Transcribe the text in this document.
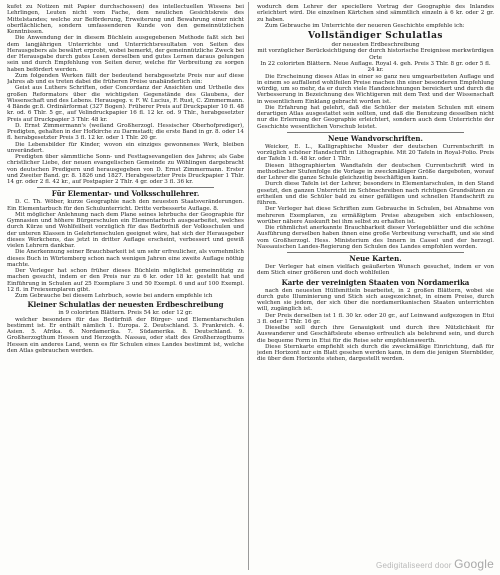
kufet zu Notizen mit Papier durchschossen) des intellectuellen Wissens bei Lehrlingen, Leuten nicht vom Fache, dem neulichen Gesichtskreis des Mittelstandes; welche zur Beförderung, Erweiterung und Bewahrung einer nicht oberflächlichen, sondern umfassenderen Kunde von den gemeinnützlichen Kenntnissen.

Die Anwendung der in diesem Büchlein ausgegebenen Methode faßt sich bei dem langjährigen Unterrichte und Unterrichtsresultaten von Seiten des Herausgebers als bewährt erprobt, wobei bemerkt, der gemeinnützliche Zweck bei der Herausgabe durch gutes Lesen derselben und gutes Lernen daraus gelungen sein und durch Empfehlung von Seiten derer, welche für Verbreitung zu sorgen haben befördert werden.

Zum folgenden Werken fällt der bedeutend herabgesetzte Preis nur auf diese Jahres ab und es treten dabei die früheren Preise unabänderlich ein:

Geist aus Luthers Schriften, oder Concordanz der Ansichten und Urtheile des großen Reformators über die wichtigsten Gegenstände des Glaubens, der Wissenschaft und des Lebens. Herausgeg. v. F. W. Lucius, F. Rust, C. Zimmermann. 4 Bände gr.8. Ordinärformat (327 Bogen). Früherer Preis auf Druckpapier 10 fl. 48 kr. od. 6 Thlr. 5 gr., auf Velindruckpapier 16 fl. 12 kr. od. 9 Thlr., herabgesetzter Preis auf Druckpapier 3 Thlr. 48 kr.

D. Ernst Zimmermann's (weiland Großherzogl. Hessischer Oberhofprediger), Predigten, gehalten in der Hofkirche zu Darmstadt; die erste Band in gr. 8. oder 14 fl. herabgesetzter Preis 3 fl. 12 kr. oder 1 Thlr. 20 gr.

Die Lebensbilder für Kinder, wovon ein einziges gewonnenes Werk, bleiben unverändert.

Predigten über sämmtliche Sonn- und Festtagsevangelien des Jahres; als Gabe christlicher Liebe, der neuen evangelischen Gemeinde zu Wöhlingen dargebracht von deutschen Predigern und herausgegeben von D. Ernst Zimmermann. Erster und Zweiter Band. gr. 8. 1826 und 1827. Herabgesetzter Preis Druckpapier 1 Thlr. 14 gr. oder 2 fl. 42 kr., auf Postpapier 2 Thlr. 4 gr. oder 3 fl. 36 kr.

Für Elementar- und Volksschullehrer.

D. C. Th. Wöber, kurze Geographie nach den neuesten Staatsveränderungen. Ein Elementarbuch für den Schulunterricht. Dritte verbesserte Auflage. 8.

Mit möglicher Anlehnung nach dem Plane seines lehrbuchs der Geographie für Gymnasien und höhere Bürgerschulen ein Elementarbuch ausgearbeitet, welches durch Kürze und Wohlfeilheit vorzüglich für das Bedürfniß der Volksschulen und der unteren Klassen in Gelehrtenschulen geeignet wäre, hat sich der Herausgeber dieses Werkchens, das jetzt in dritter Auflage erscheint, verbessert und gewiß vielen Lehrern dankbar.

Die Anerkennung seiner Brauchbarkeit ist um sehr erfreulicher, als vornehmlich dieses Buch in Würtemberg schon nach wenigen Jahren eine zweite Auflage nöthig machte.

Der Verleger hat schon früher dieses Büchlein möglichst gemeinnützig zu machen gesucht, indem er den Preis nur zu 6 kr. oder 18 kr. gestellt hat und Einführung in Schulen auf 25 Exemplare 3 und 50 Exempl. 6 und auf 100 Exempl. 12 fl. in Freiexemplaren gibt.

Zum Gebrauche bei diesem Lehrbuch, sowie bei andern empfehle ich

Kleiner Schulatlas der neuesten Erdbeschreibung

in 9 colorirten Blättern. Preis 54 kr. oder 12 gr.

welcher besonders für das Bedürfniß der Bürger- und Elementarschulen bestimmt ist. Er enthält nämlich 1. Europa. 2. Deutschland. 3. Frankreich. 4. Asien. 5. Afrika. 6. Nordamerika. 7. Südamerika. 8. Deutschland. 9. Großherzogthum Hessen und Herzogth. Nassau, oder statt des Großherzogthums Hessen ein anderes Land, wenn es für Schulen eines Landes bestimmt ist, welche den Atlas gebrauchen werden.

wodurch dem Lehrer der speciellere Vortrag der Geographie des Inlandes erleichtert wird. Die einzelnen Kärtchen sind sämmtlich einzeln à 6 kr. oder 2 gr. zu haben.

Zum Gebrauche im Unterrichte der neueren Geschichte empfehle ich:

Vollständiger Schulatlas

der neuesten Erdbeschreibung

mit vorzüglicher Berücksichtigung der durch historische Ereignisse merkwürdigen Orte

In 22 colorirten Blättern. Neue Auflage. Royal 4. geh. Preis 3 Thlr. 8 gr. oder 5 fl. 24 kr.

Die Erscheinung dieses Atlas in einer so ganz neu umgearbeiteten Auflage und in einem so auffallend wohlfeilen Preise machen ihn einer besonderen Empfehlung würdig, um so mehr, da er durch viele Handzeichnungen bereichert und durch die Verbesserung in Bezeichnung des Wichtigeren mit dem Text und der Wissenschaft in wesentlichem Einklang gebracht worden ist.

Die Erfahrung hat gelehrt, daß die Schüler der meisten Schulen mit einem derartigen Atlas ausgestattet sein sollten, und daß die Benutzung desselben nicht nur die Erlernung der Geographie erleichtert, sondern auch dem Unterrichte der Geschichte wesentlichen Vorschub leistet.

Neue Wandvorschriften.

Weicker, E. L., Kalligraphische Muster der deutschen Currentschrift in vorzüglich schöner Handschrift in Lithographie. Mit 20 Tafeln in Royal-Folio. Preis der Tafeln 1 fl. 48 kr. oder 1 Thlr.

Diesen lithographierten Wandtafeln der deutschen Currentschrift wird in methodischer Stufenfolge die Vorlage in zweckmäßiger Größe dargeboten, worauf der Lehrer die ganze Schule gleichzeitig beschäftigen kann.

Durch diese Tafeln ist der Lehrer, besonders in Elementarschulen, in den Stand gesetzt, den ganzen Unterricht im Schönschreiben nach richtigen Grundsätzen zu ertheilen und die Schüler bald zu einer gefälligen und schnellen Handschrift zu führen.

Der Verleger hat diese Schriften zum Gebrauche in Schulen, bei Abnahme von mehreren Exemplaren, zu ermäßigtem Preise abzugeben sich entschlossen, worüber nähere Auskunft bei ihm selbst zu erhalten ist.

Die rühmlichst anerkannte Brauchbarkeit dieser Vorlegeblätter und die schöne Ausführung derselben haben ihnen eine große Verbreitung verschafft, und sie sind vom Großherzogl. Hess. Ministerium des Innern in Cassel und der herzogl. Nassauischen Landes-Regierung den Schulen des Landes empfohlen worden.

Neue Karten.

Der Verleger hat einen vielfach geäußerten Wunsch gesuchet, indem er von dem Stich einer größeren und doch wohlfeilen

Karte der vereinigten Staaten von Nordamerika

nach den neuesten Hülfsmitteln bearbeitet, in 2 großen Blättern, wobei sie durch gute Illuminierung und Stich sich ausgezeichnet, in einem Preise, durch welchen sie jedem, der sich über die nordamerikanischen Staaten unterrichten will, zugänglich ist.

Der Preis derselben ist 1 fl. 30 kr. oder 20 gr., auf Leinwand aufgezogen in Etui 3 fl. oder 1 Thlr. 16 gr.

Dieselbe soll durch ihre Genauigkeit und durch ihre Nützlichkeit für Auswanderer und Geschäftsleute ebenso erfreulich als belehrend sein, und durch die bequeme Form in Etui für die Reise sehr empfehlenswerth.

Diese Sternkarte empfiehlt sich durch die zweckmäßige Einrichtung, daß für jeden Horizont nur ein Blatt gesehen werden kann, in dem die jenigen Sternbilder, die über dem Horizonte stehen, dargestellt werden.

Gedigitaliseerd door Google
